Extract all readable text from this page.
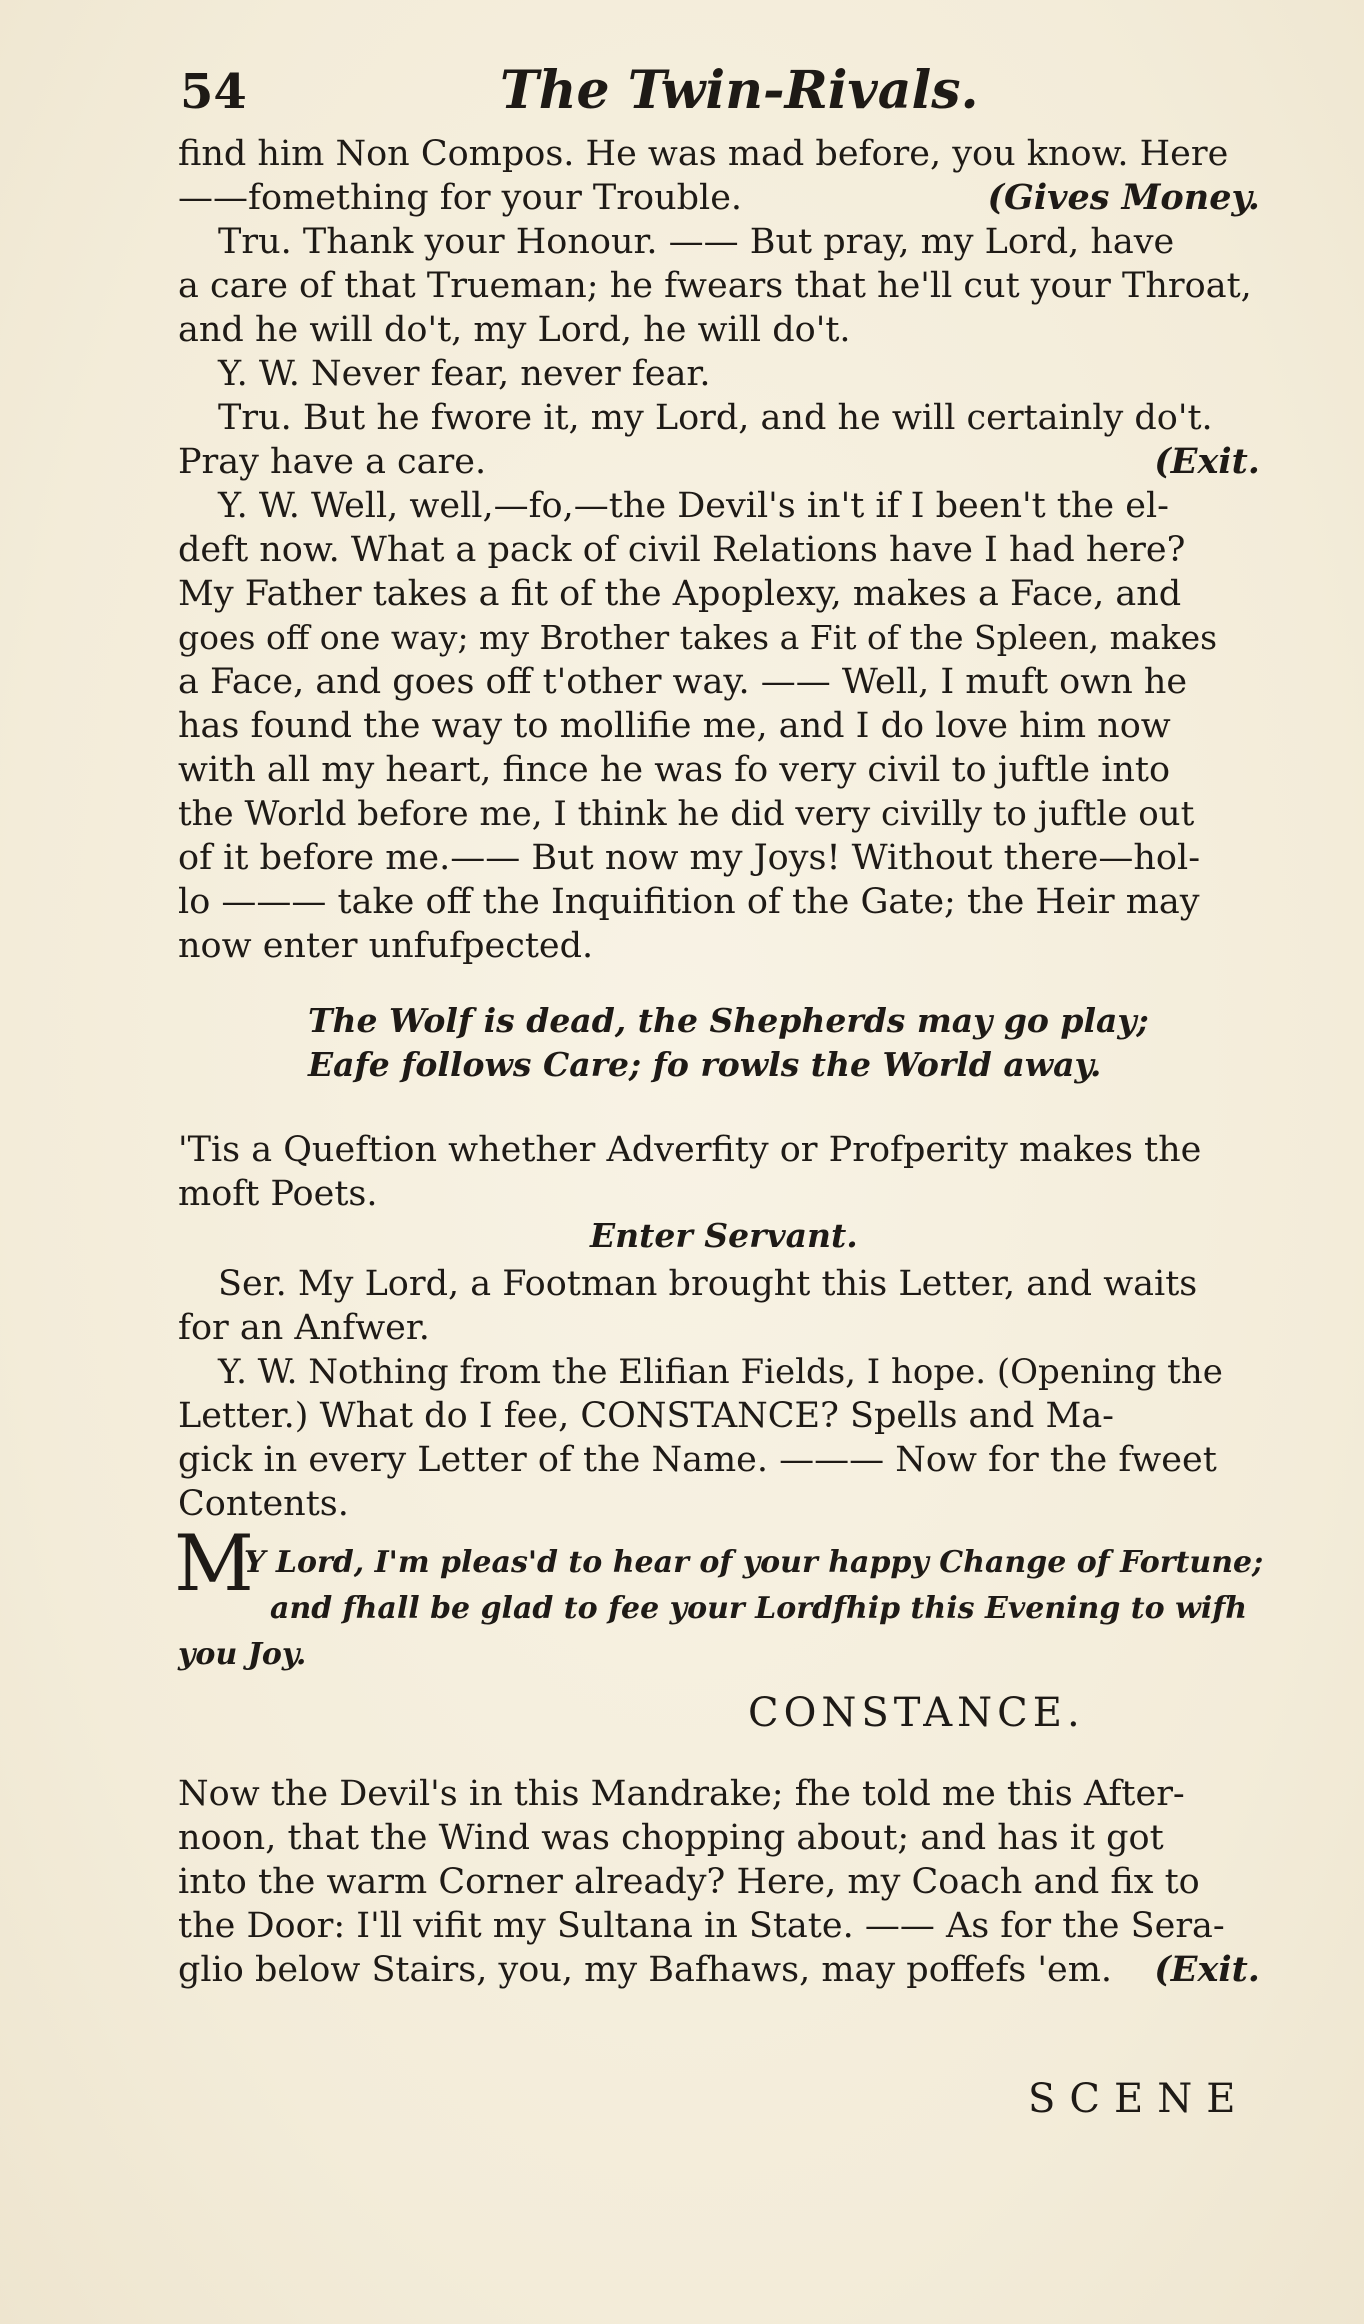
54	The Twin-Rivals.
find him Non Compos. He was mad before, you know. Here
——fomething for your Trouble.	(Gives Money.
Tru. Thank your Honour. —— But pray, my Lord, have
a care of that Trueman; he fwears that he'll cut your Throat,
and he will do't, my Lord, he will do't.
Y. W. Never fear, never fear.
Tru. But he fwore it, my Lord, and he will certainly do't.
Pray have a care.	(Exit.
Y. W. Well, well,—fo,—the Devil's in't if I been't the el-
deft now. What a pack of civil Relations have I had here?
My Father takes a fit of the Apoplexy, makes a Face, and
goes off one way; my Brother takes a Fit of the Spleen, makes
a Face, and goes off t'other way. —— Well, I muft own he
has found the way to mollifie me, and I do love him now
with all my heart, fince he was fo very civil to juftle into
the World before me, I think he did very civilly to juftle out
of it before me.—— But now my Joys! Without there—hol-
lo ——— take off the Inquifition of the Gate; the Heir may
now enter unfufpected.
The Wolf is dead, the Shepherds may go play;
Eafe follows Care; fo rowls the World away.
'Tis a Queftion whether Adverfity or Profperity makes the
moft Poets.
Enter Servant.
Ser. My Lord, a Footman brought this Letter, and waits
for an Anfwer.
Y. W. Nothing from the Elifian Fields, I hope. (Opening the
Letter.) What do I fee, CONSTANCE? Spells and Ma-
gick in every Letter of the Name. ——— Now for the fweet
Contents.
M
Y Lord, I'm pleas'd to hear of your happy Change of Fortune;
and fhall be glad to fee your Lordfhip this Evening to wifh
you Joy.
CONSTANCE.
Now the Devil's in this Mandrake; fhe told me this After-
noon, that the Wind was chopping about; and has it got
into the warm Corner already? Here, my Coach and fix to
the Door: I'll vifit my Sultana in State. —— As for the Sera-
glio below Stairs, you, my Bafhaws, may poffefs 'em. (Exit.
SCENE
